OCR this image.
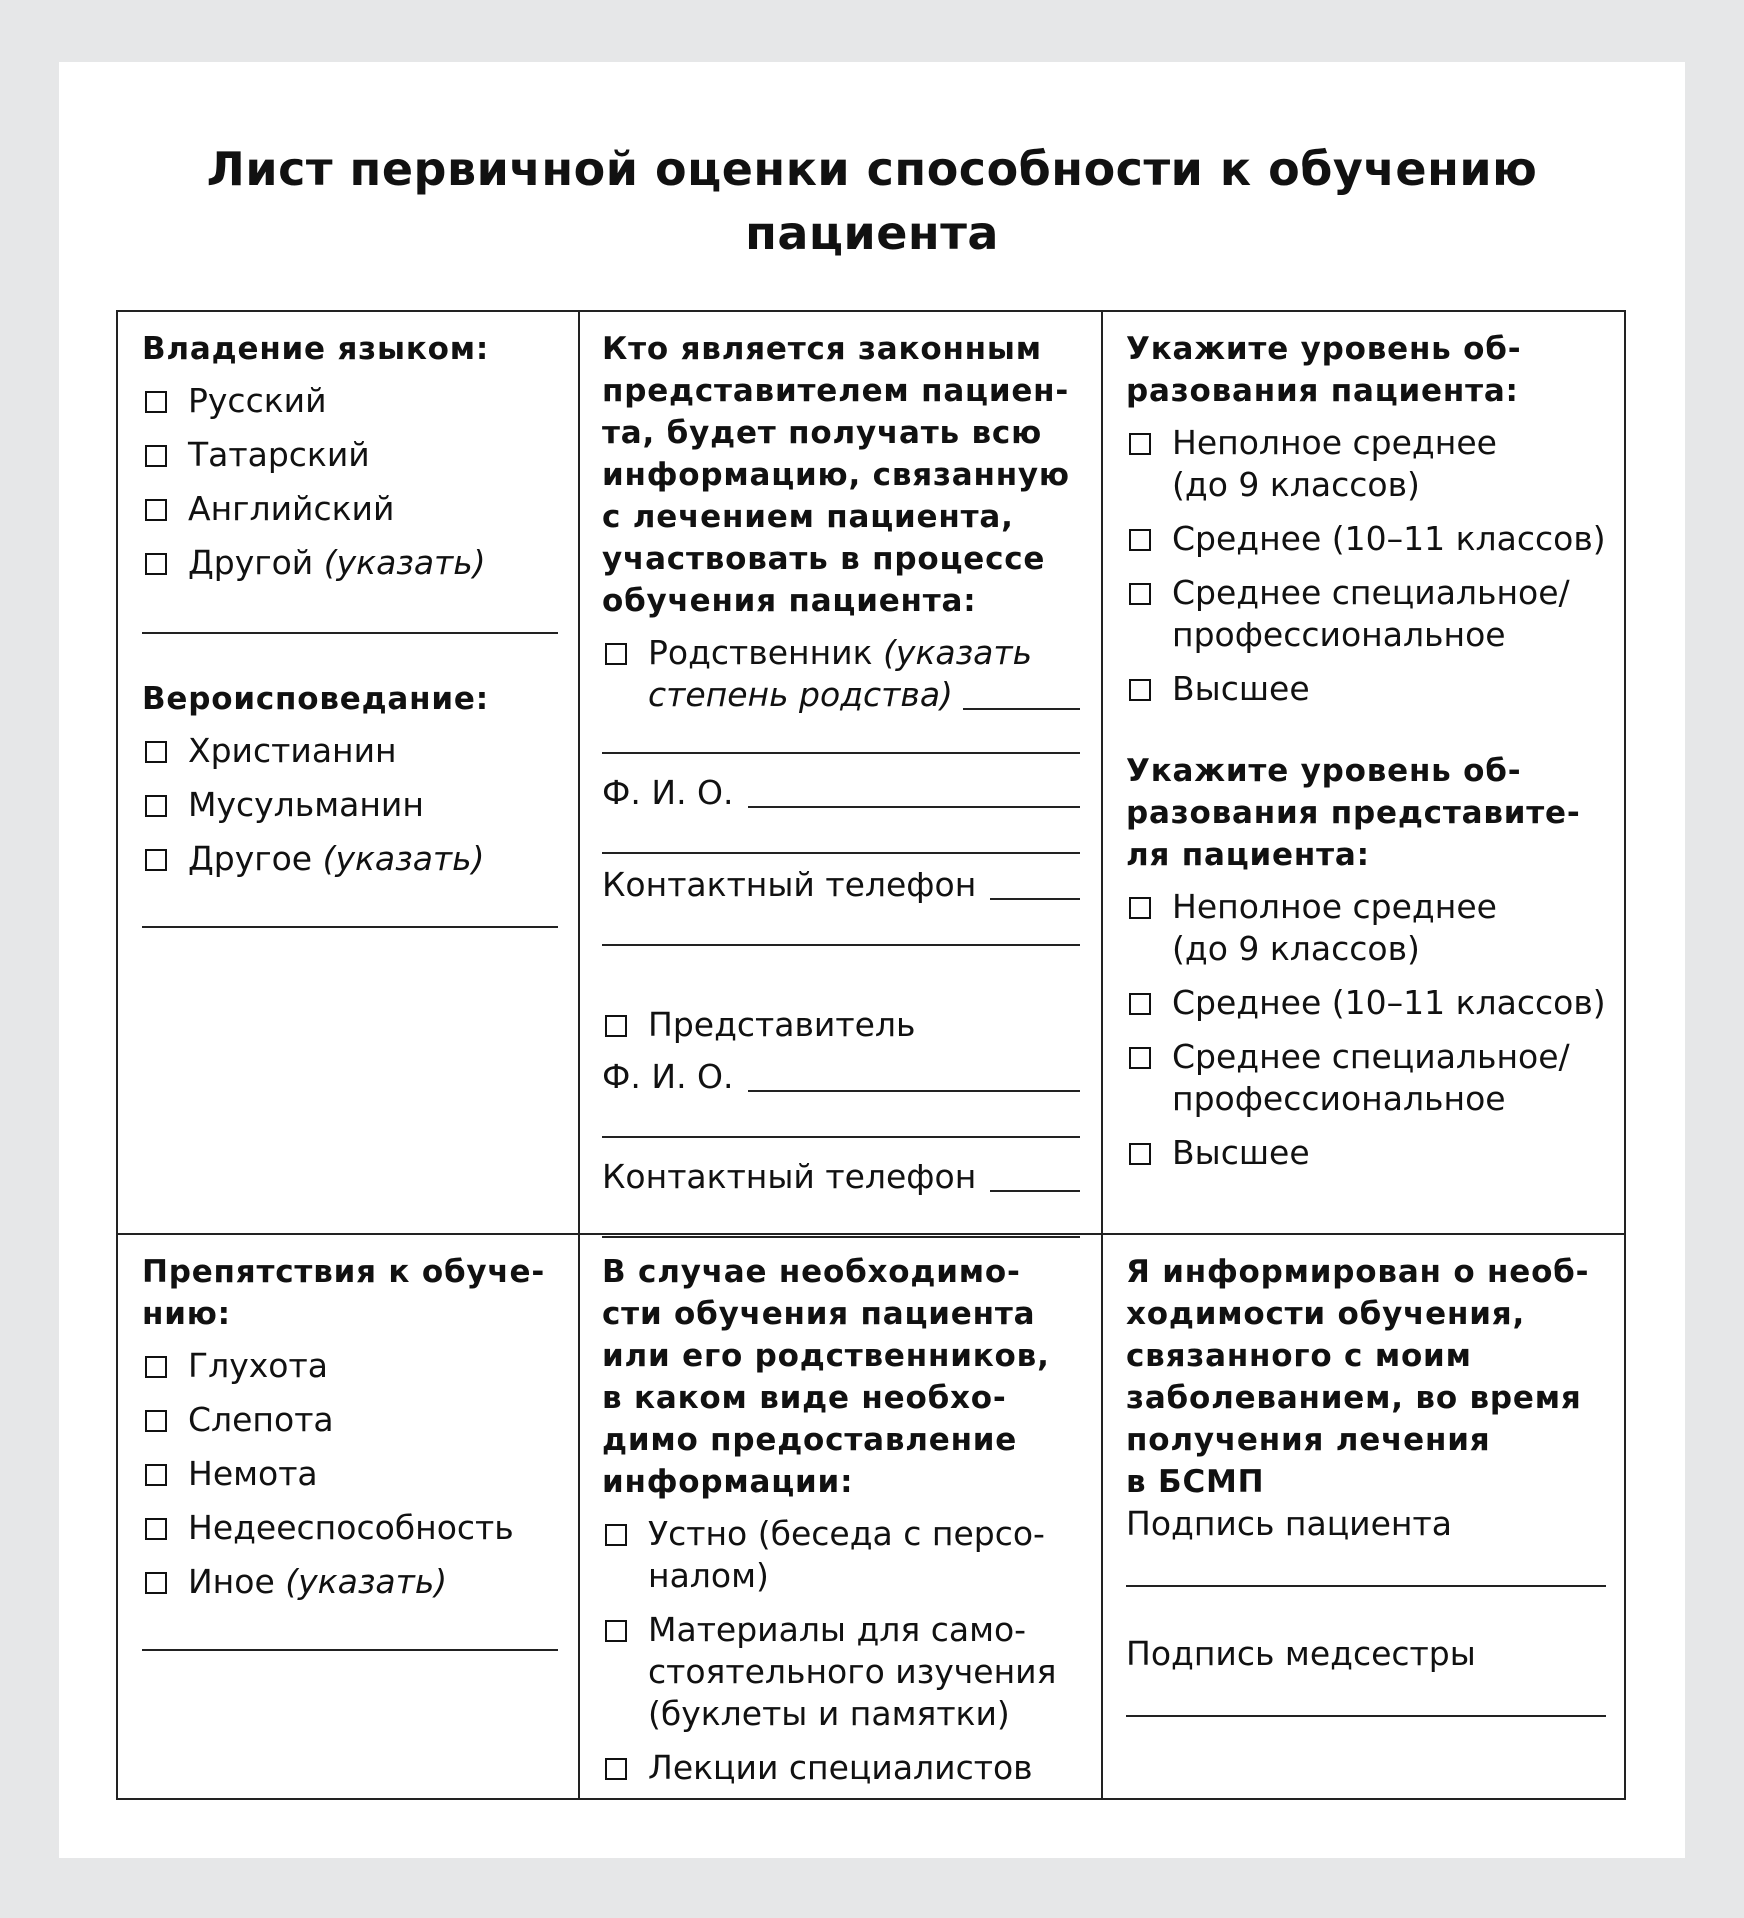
Лист первичной оценки способности к обучению
пациента
Владение языком:
Русский
Татарский
Английский
Другой (указать)
Вероисповедание:
Христианин
Мусульманин
Другое (указать)
Кто является законным
представителем пациен-
та, будет получать всю
информацию, связанную
с лечением пациента,
участвовать в процессе
обучения пациента:
Родственник (указать

степень родства)
Ф. И. О.
Контактный телефон
Представитель
Ф. И. О.
Контактный телефон
Укажите уровень об-
разования пациента:
Неполное среднее
(до 9 классов)
Среднее (10–11 классов)
Среднее специальное/
профессиональное
Высшее
Укажите уровень об-
разования представите-
ля пациента:
Неполное среднее
(до 9 классов)
Среднее (10–11 классов)
Среднее специальное/
профессиональное
Высшее
Препятствия к обуче-
нию:
Глухота
Слепота
Немота
Недееспособность
Иное (указать)
В случае необходимо-
сти обучения пациента
или его родственников,
в каком виде необхо-
димо предоставление
информации:
Устно (беседа с персо-
налом)
Материалы для само-
стоятельного изучения
(буклеты и памятки)
Лекции специалистов
Я информирован о необ-
ходимости обучения,
связанного с моим
заболеванием, во время
получения лечения
в БСМП
Подпись пациента
Подпись медсестры
